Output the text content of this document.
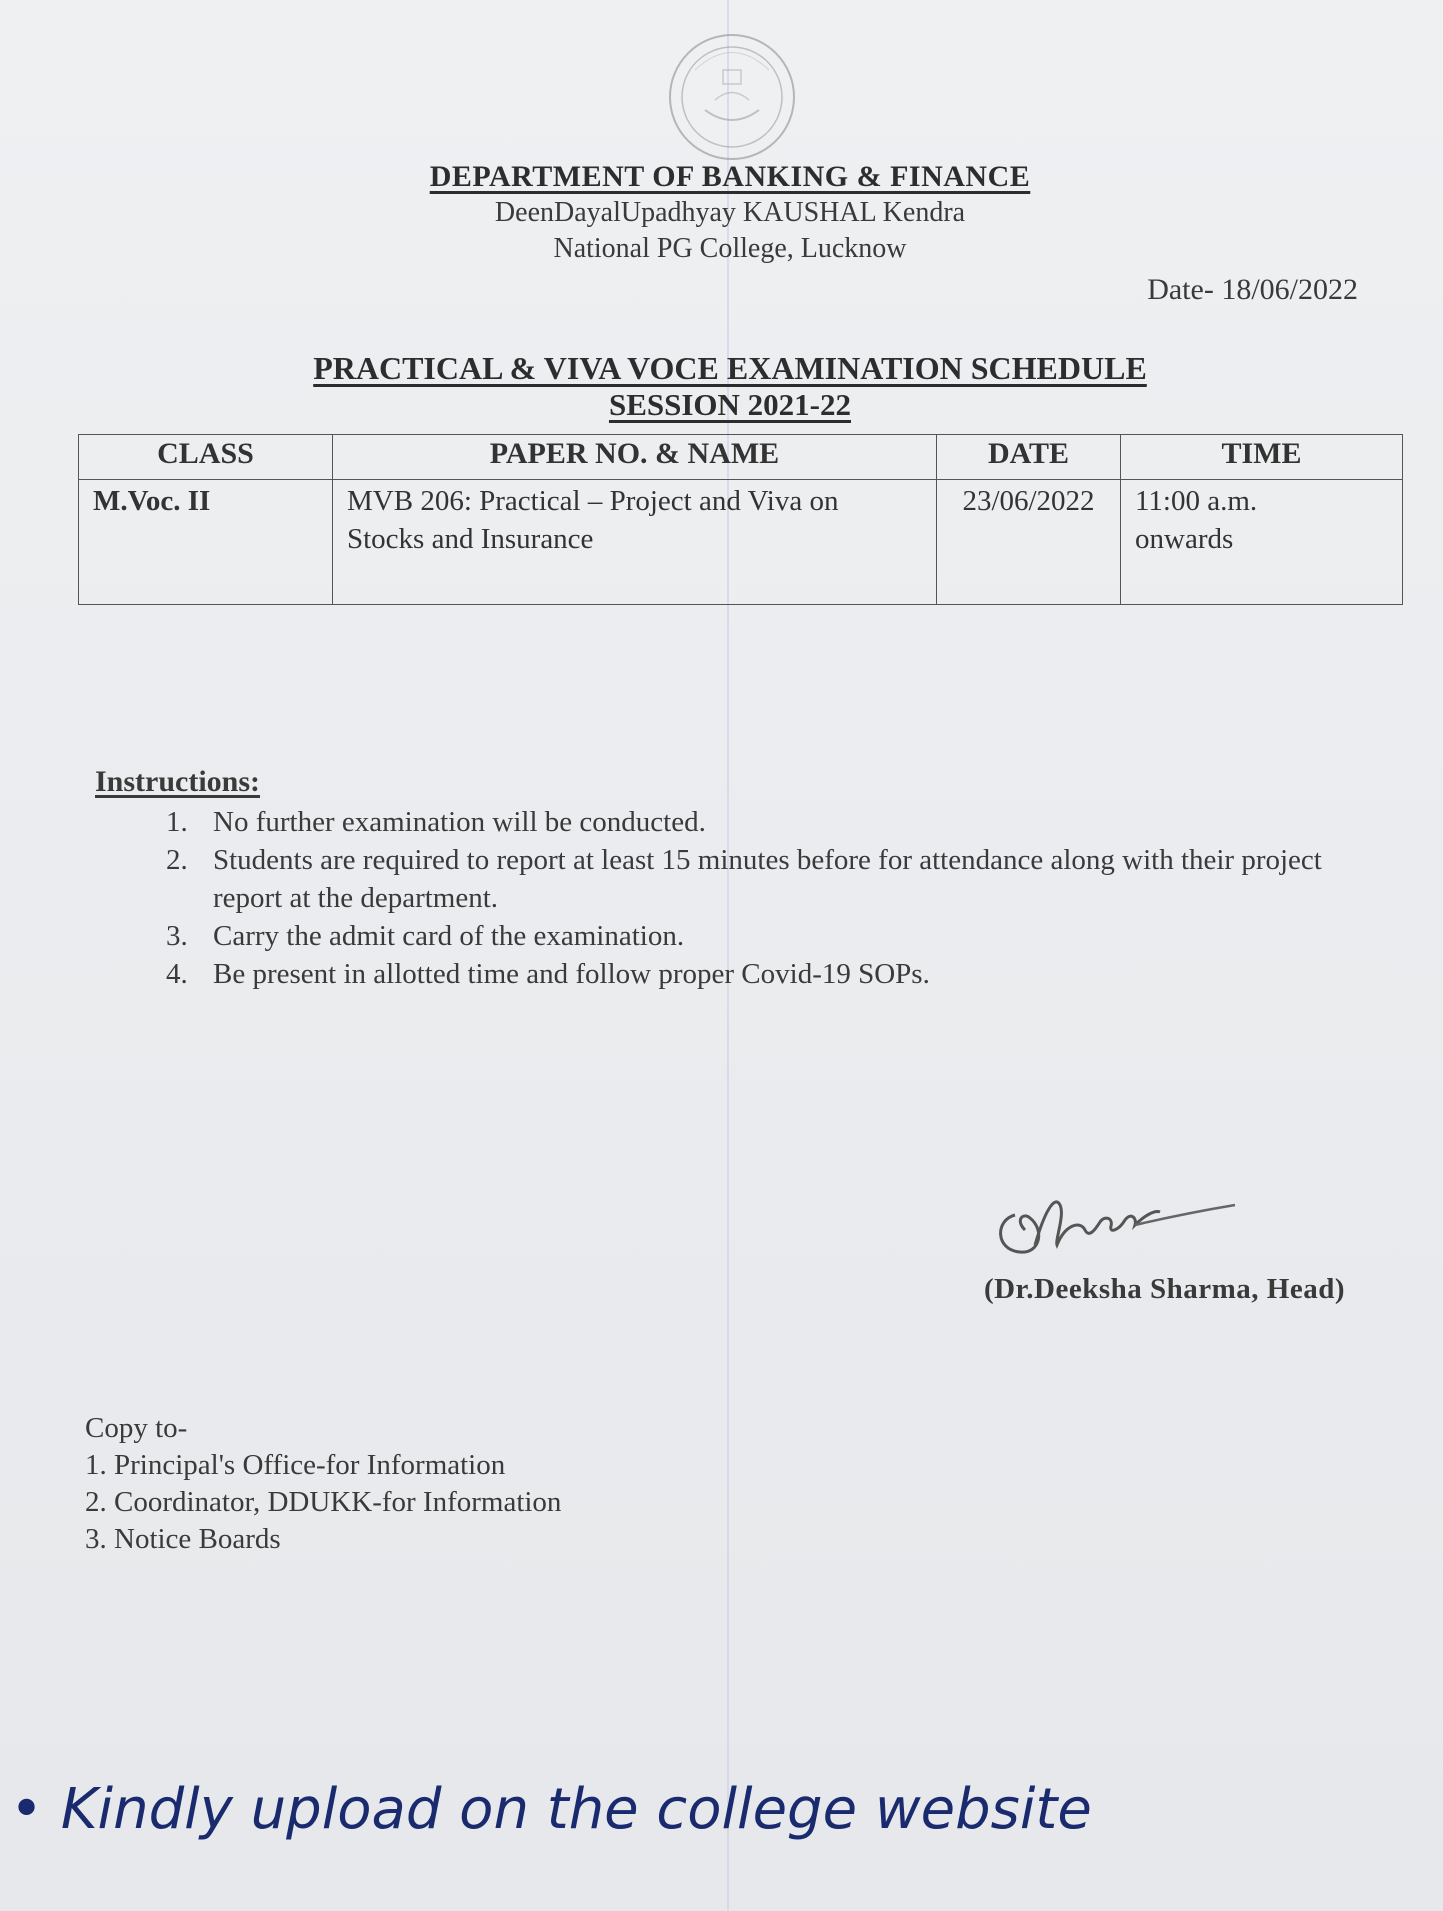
DEPARTMENT OF BANKING & FINANCE
DeenDayalUpadhyay KAUSHAL Kendra
National PG College, Lucknow
Date- 18/06/2022
PRACTICAL & VIVA VOCE EXAMINATION SCHEDULE
SESSION 2021-22
CLASS	PAPER NO. & NAME	DATE	TIME
M.Voc. II	MVB 206: Practical – Project and Viva on Stocks and Insurance	23/06/2022	11:00 a.m.
onwards
Instructions:
1. No further examination will be conducted.
2. Students are required to report at least 15 minutes before for attendance along with their project report at the department.
3. Carry the admit card of the examination.
4. Be present in allotted time and follow proper Covid-19 SOPs.
(Dr.Deeksha Sharma, Head)
Copy to-
1. Principal's Office-for Information
2. Coordinator, DDUKK-for Information
3. Notice Boards
• Kindly upload on the college website
